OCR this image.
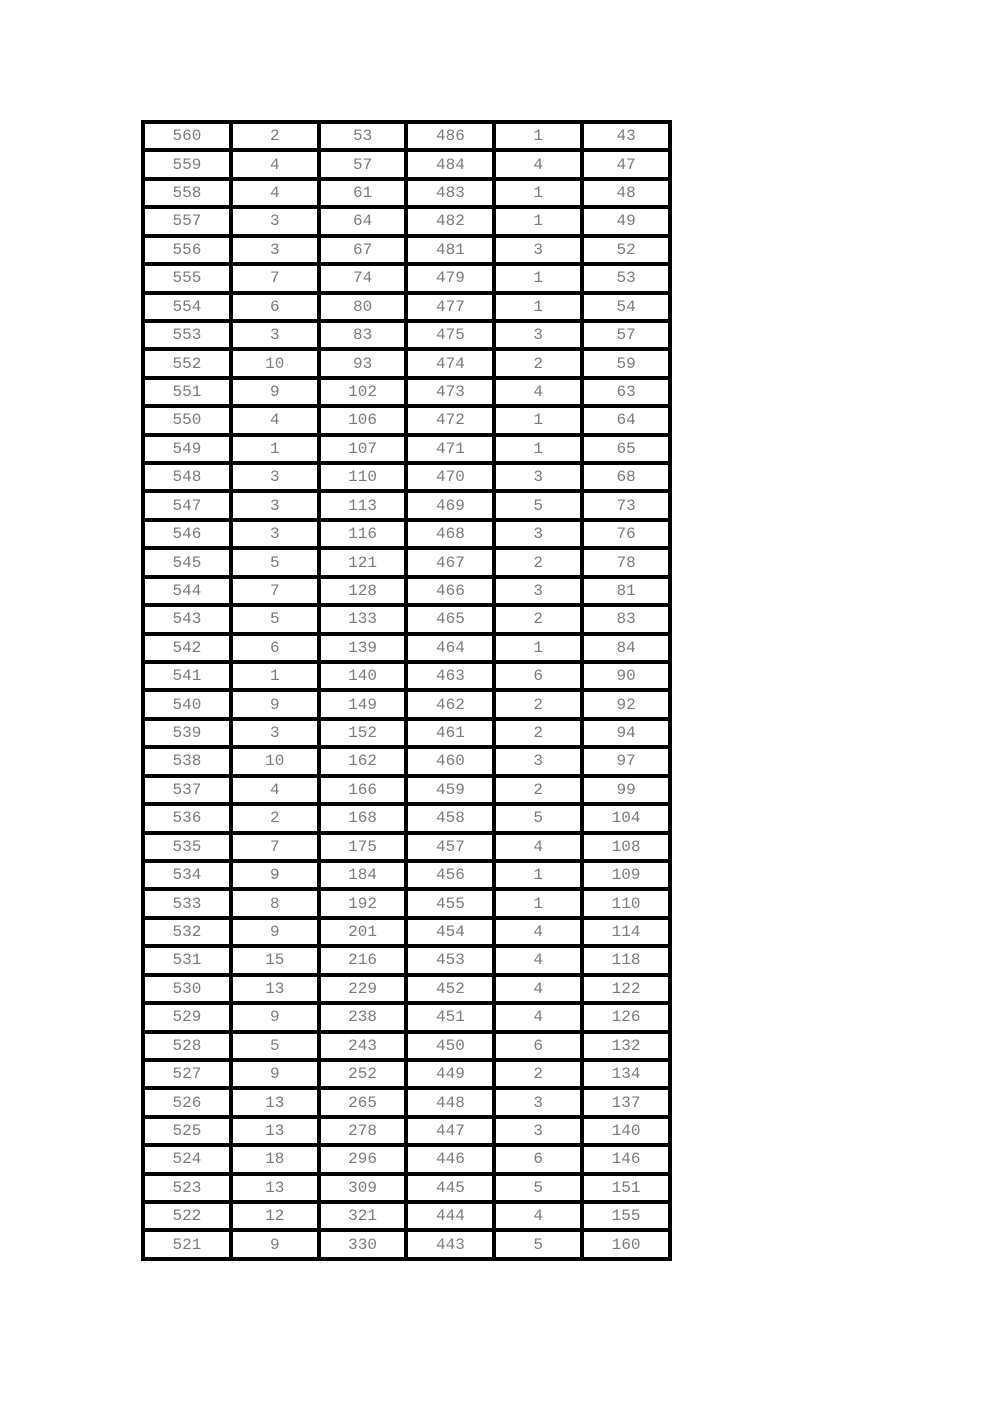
560	2	53	486	1	43
559	4	57	484	4	47
558	4	61	483	1	48
557	3	64	482	1	49
556	3	67	481	3	52
555	7	74	479	1	53
554	6	80	477	1	54
553	3	83	475	3	57
552	10	93	474	2	59
551	9	102	473	4	63
550	4	106	472	1	64
549	1	107	471	1	65
548	3	110	470	3	68
547	3	113	469	5	73
546	3	116	468	3	76
545	5	121	467	2	78
544	7	128	466	3	81
543	5	133	465	2	83
542	6	139	464	1	84
541	1	140	463	6	90
540	9	149	462	2	92
539	3	152	461	2	94
538	10	162	460	3	97
537	4	166	459	2	99
536	2	168	458	5	104
535	7	175	457	4	108
534	9	184	456	1	109
533	8	192	455	1	110
532	9	201	454	4	114
531	15	216	453	4	118
530	13	229	452	4	122
529	9	238	451	4	126
528	5	243	450	6	132
527	9	252	449	2	134
526	13	265	448	3	137
525	13	278	447	3	140
524	18	296	446	6	146
523	13	309	445	5	151
522	12	321	444	4	155
521	9	330	443	5	160
